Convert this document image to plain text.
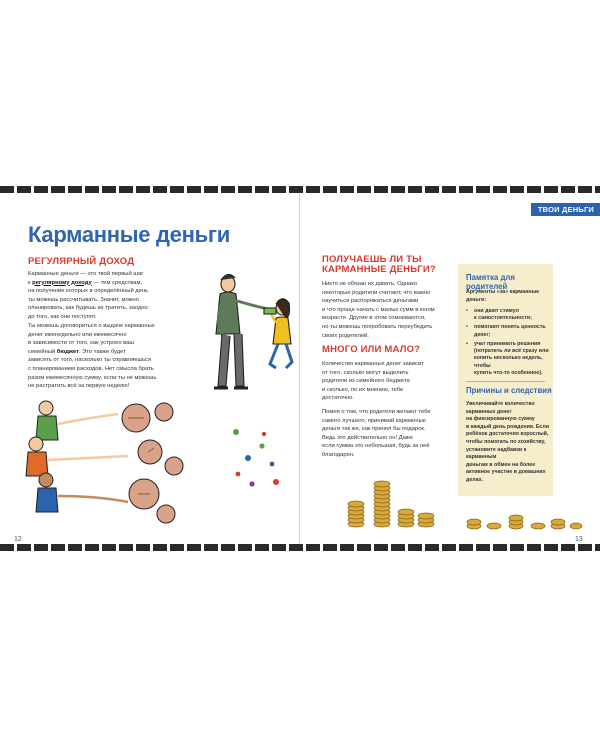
ТВОИ ДЕНЬГИ
Карманные деньги
РЕГУЛЯРНЫЙ ДОХОД
Карманные деньги — это твой первый шаг
к регулярному доходу — тем средствам,
на получение которых в определённый день
ты можешь рассчитывать. Значит, можно
планировать, как будешь их тратить, заодно
до того, как они поступят.
Ты можешь договориться о выдаче карманных
денег еженедельно или ежемесячно
в зависимости от того, как устроен ваш
семейный бюджет. Это также будет
зависеть от того, насколько ты справляешься
с планированием расходов. Нет смысла брать
разом ежемесячную сумму, если ты не можешь
не растратить всё за первую неделю!
ПОЛУЧАЕШЬ ЛИ ТЫ
КАРМАННЫЕ ДЕНЬГИ?
Никто не обязан их давать. Однако
некоторые родители считают, что важно
научиться распоряжаться деньгами
и что проще начать с малых сумм в юном
возрасте. Другие в этом сомневаются,
но ты можешь попробовать переубедить
своих родителей.
МНОГО ИЛИ МАЛО?
Количество карманных денег зависит
от того, сколько могут выделить
родители из семейного бюджета
и сколько, по их мнению, тебе
достаточно.
Помня о том, что родители желают тебе
самого лучшего, принимай карманные
деньги так же, как принял бы подарок.
Ведь это действительно он! Даже
если сумма это небольшая, будь за неё
благодарен.
Памятка для родителей
Аргументы «за» карманные
деньги:
• они дают стимул
к самостоятельности;
• помогают понять ценность
денег;
• учат принимать решения
(потратить ли всё сразу или
копить несколько недель, чтобы
купить что-то особенное).
Причины и следствия
Увеличивайте количество
карманных денег
на фиксированную сумму
в каждый день рождения. Если
ребёнок достаточно взрослый,
чтобы помогать по хозяйству,
установите надбавки к карманным
деньгам в обмен на более
активное участие в домашних
делах.
12	13
